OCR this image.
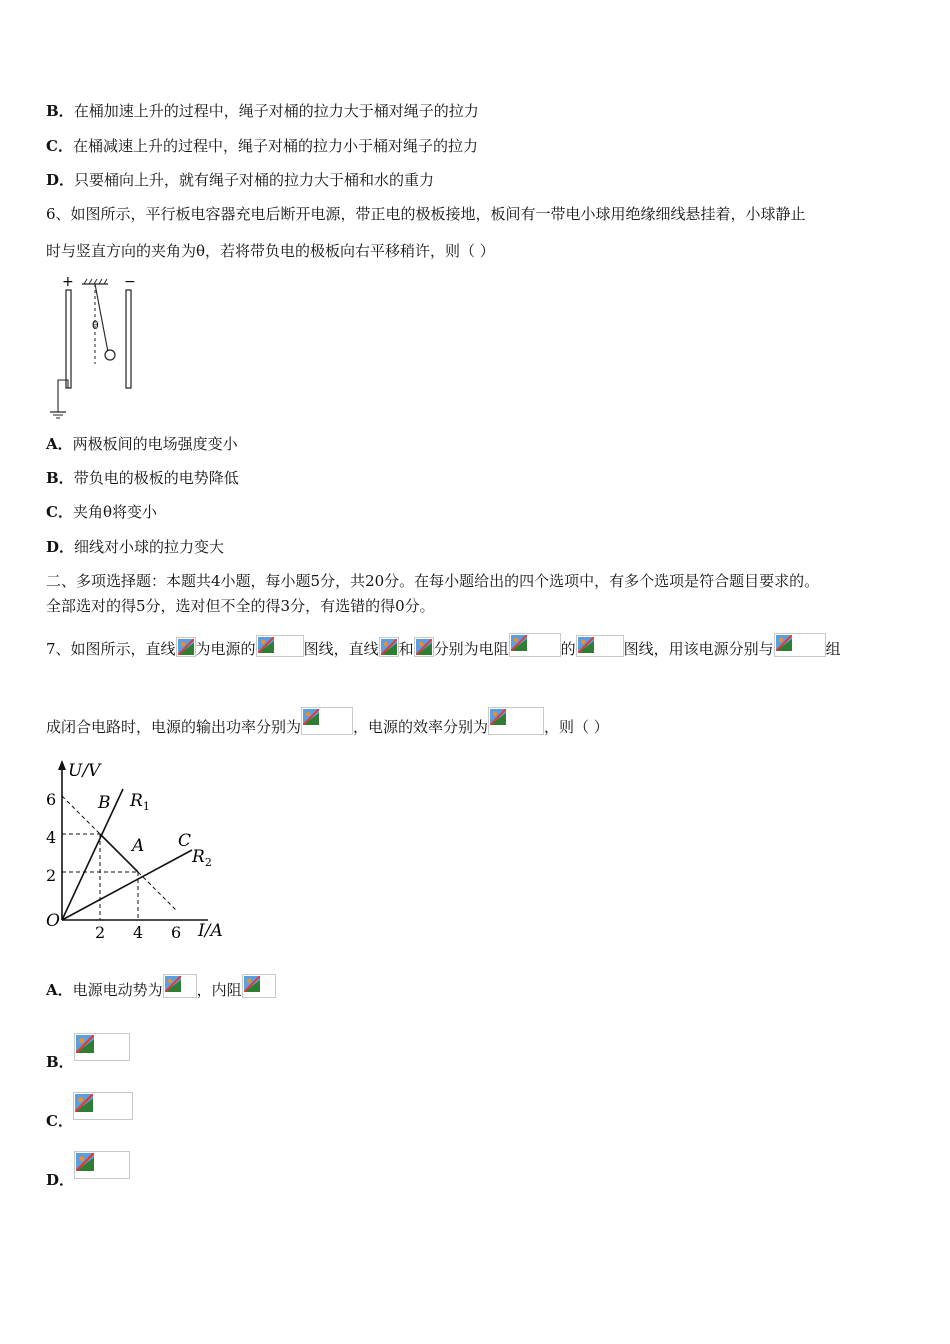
B．在桶加速上升的过程中，绳子对桶的拉力大于桶对绳子的拉力
C．在桶减速上升的过程中，绳子对桶的拉力小于桶对绳子的拉力
D．只要桶向上升，就有绳子对桶的拉力大于桶和水的重力
6、如图所示，平行板电容器充电后断开电源，带正电的极板接地，板间有一带电小球用绝缘细线悬挂着，小球静止
时与竖直方向的夹角为θ，若将带负电的极板向右平移稍许，则（ ）
+	−
θ
A．两极板间的电场强度变小
B．带负电的极板的电势降低
C．夹角θ将变小
D．细线对小球的拉力变大
二、多项选择题：本题共4小题，每小题5分，共20分。在每小题给出的四个选项中，有多个选项是符合题目要求的。
全部选对的得5分，选对但不全的得3分，有选错的得0分。
7、如图所示，直线 为电源的	图线，直线 和 分别为电阻	的	图线，用该电源分别与	组
成闭合电路时，电源的输出功率分别为	，电源的效率分别为	，则（ ）
U/V
I/A
O
6
4
2
2 4 6
B $R_1$
A C
$R_2$
A．电源电动势为 ，内阻
B．
C．
D．
